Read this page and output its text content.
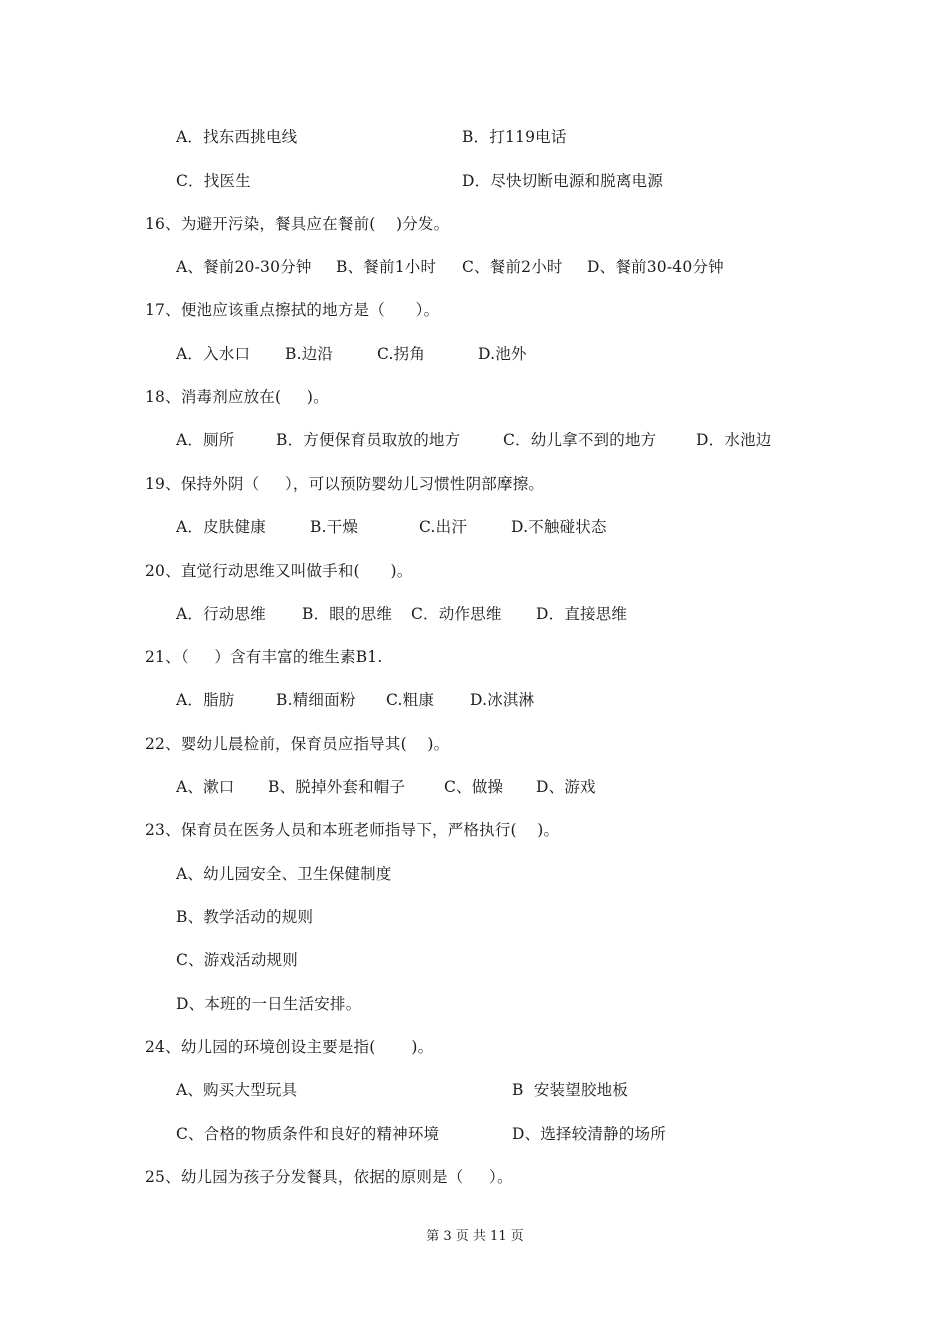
A．找东西挑电线	B．打119电话
C．找医生	D．尽快切断电源和脱离电源
16、为避开污染，餐具应在餐前(    )分发。
A、餐前20-30分钟 B、餐前1小时 C、餐前2小时 D、餐前30-40分钟
17、便池应该重点擦拭的地方是（      ）。
A．入水口 B.边沿	C.拐角	D.池外
18、消毒剂应放在(     )。
A．厕所	B．方便保育员取放的地方	C．幼儿拿不到的地方	D．水池边
19、保持外阴（     ），可以预防婴幼儿习惯性阴部摩擦。
A．皮肤健康	B.干燥	C.出汗	D.不触碰状态
20、直觉行动思维又叫做手和(      )。
A．行动思维 B．眼的思维 C．动作思维 D．直接思维
21、（     ）含有丰富的维生素B1.
A．脂肪	B.精细面粉 C.粗康 D.冰淇淋
22、婴幼儿晨检前，保育员应指导其(    )。
A、漱口 B、脱掉外套和帽子	C、做操 D、游戏
23、保育员在医务人员和本班老师指导下，严格执行(    )。
A、幼儿园安全、卫生保健制度
B、教学活动的规则
C、游戏活动规则
D、本班的一日生活安排。
24、幼儿园的环境创设主要是指(       )。
A、购买大型玩具	B  安装望胶地板
C、合格的物质条件和良好的精神环境	D、选择较清静的场所
25、幼儿园为孩子分发餐具，依据的原则是（     ）。
第 3 页 共 11 页
